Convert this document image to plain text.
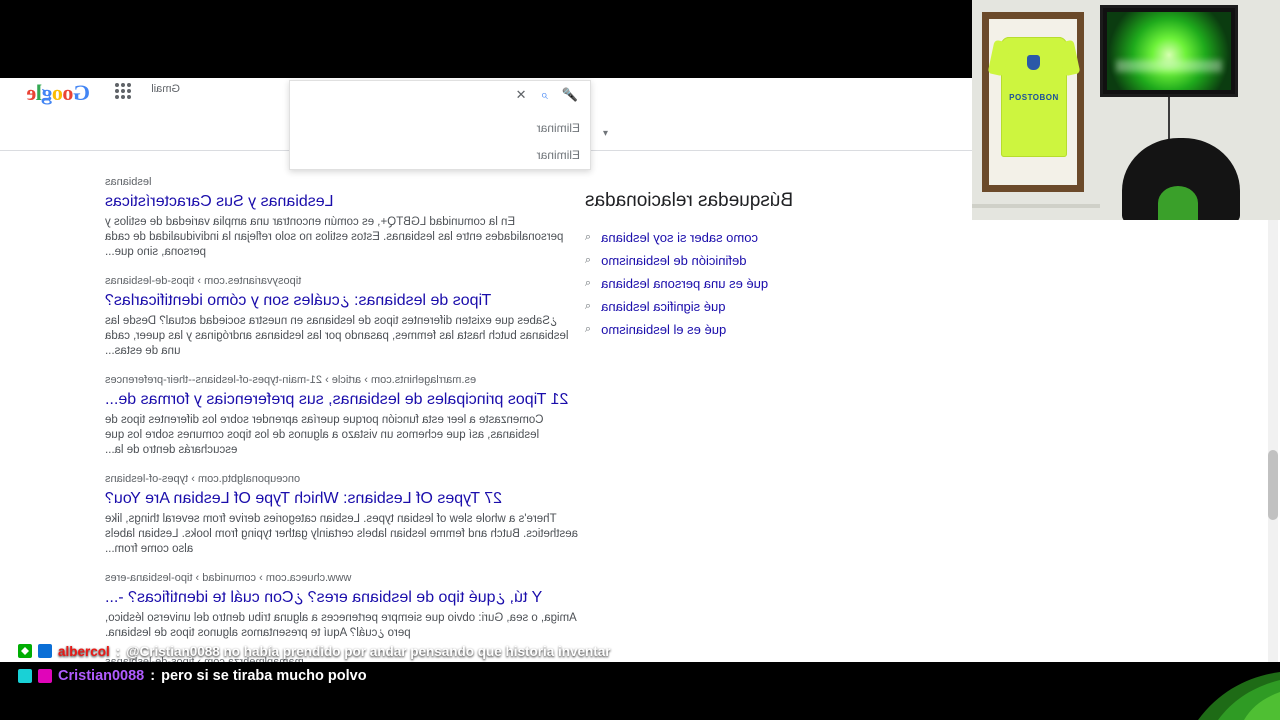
Google	Gmail
▾
🎤
⌕
✕
Eliminar
Eliminar
lesbianas
Lesbianas y Sus Características
En la comunidad LGBTQ+, es común encontrar una amplia variedad de estilos y personalidades entre las lesbianas. Estos estilos no solo reflejan la individualidad de cada persona, sino que...
tiposyvariantes.com › tipos-de-lesbianas
Tipos de lesbianas: ¿cuáles son y cómo identificarlas?
¿Sabes que existen diferentes tipos de lesbianas en nuestra sociedad actual? Desde las lesbianas butch hasta las femmes, pasando por las lesbianas andróginas y las queer, cada una de estas...
es.marrlagehints.com › article › 21-main-types-of-lesbians--their-preferences
21 Tipos principales de lesbianas, sus preferencias y formas de...
Comenzaste a leer esta función porque querías aprender sobre los diferentes tipos de lesbianas, así que echemos un vistazo a algunos de los tipos comunes sobre los que escucharás dentro de la...
onceuponalgbtq.com › types-of-lesbians
27 Types Of Lesbians: Which Type Of Lesbian Are You?
There's a whole slew of lesbian types. Lesbian categories derive from several things, like aesthetics. Butch and femme lesbian labels certainly gather typing from looks. Lesbian labels also come from...
www.chueca.com › comunidad › tipo-lesbiana-eres
Y tú, ¿qué tipo de lesbiana eres? ¿Con cuál te identificas? -...
Amiga, o sea, Guri: obvio que siempre perteneces a alguna tribu dentro del universo lésbico, pero ¿cuál? Aquí te presentamos algunos tipos de lesbiana.
Búsquedas relacionadas
⌕ como saber si soy lesbiana
⌕ definición de lesbianismo
⌕ qué es una persona lesbiana
⌕ qué significa lesbiana
⌕ qué es el lesbianismo
POSTOBON
albercol : @Cristian0088 no había prendido por andar pensando que historia inventar
Cristian0088 : pero si se tiraba mucho polvo
